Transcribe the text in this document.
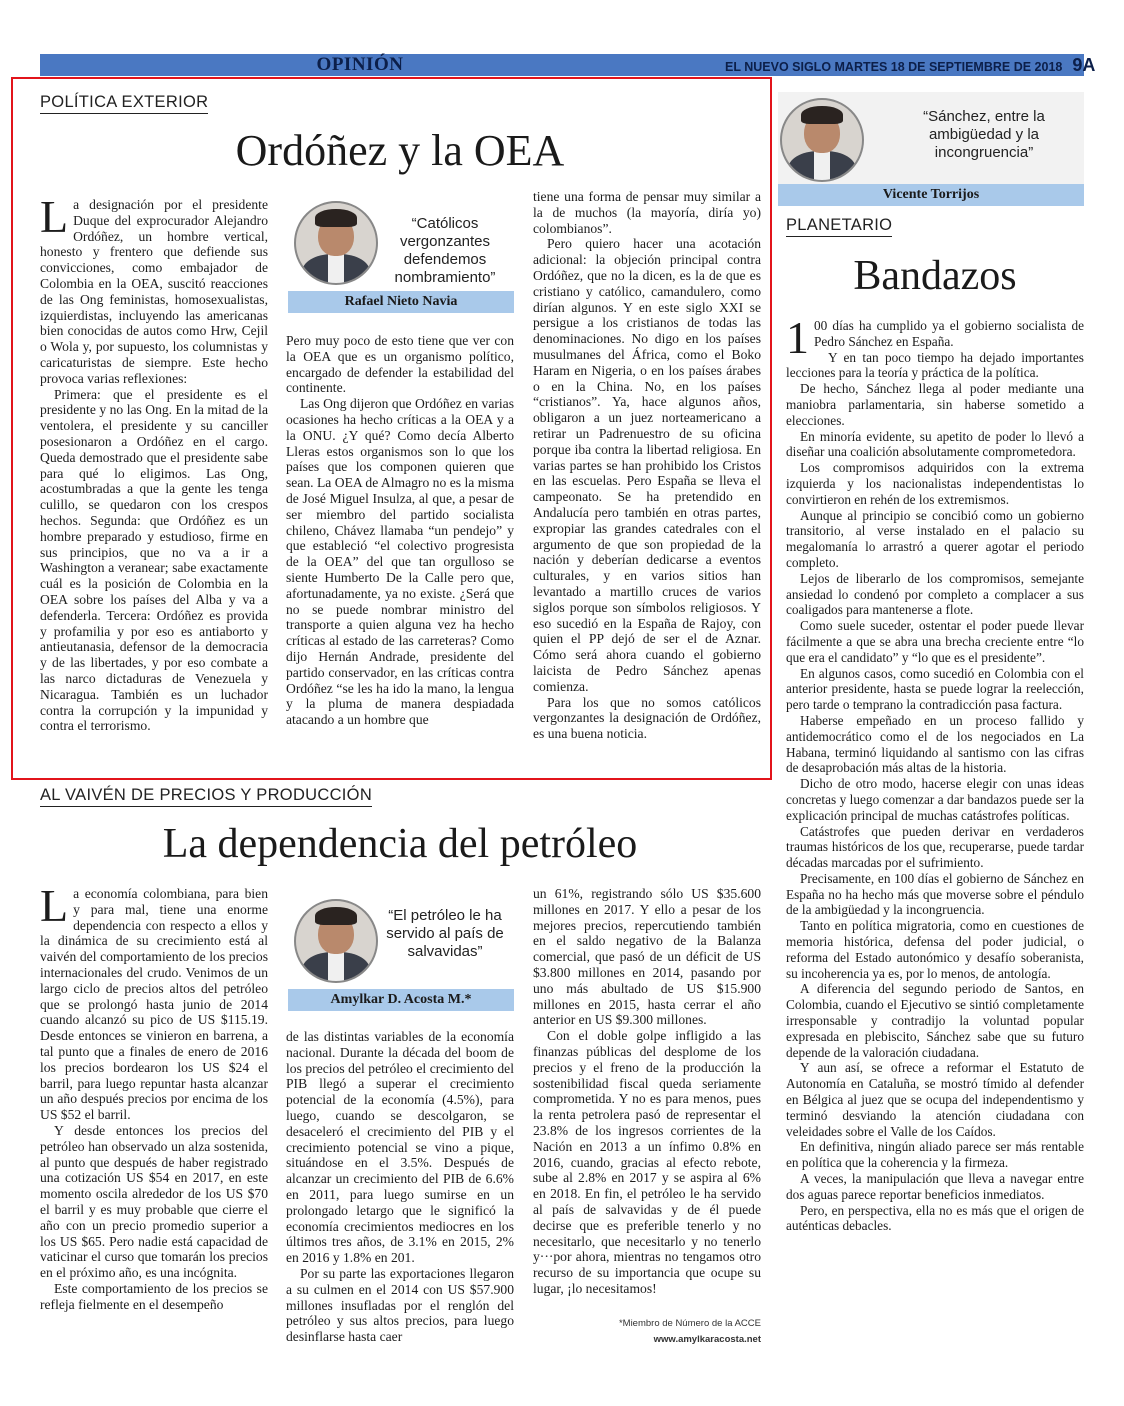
OPINIÓN	EL NUEVO SIGLO MARTES 18 DE SEPTIEMBRE DE 2018 9A
POLÍTICA EXTERIOR
Ordóñez y la OEA

La designación por el presidente Duque del exprocurador Alejandro Ordóñez, un hombre vertical, honesto y frentero que defiende sus convicciones, como embajador de Colombia en la OEA, suscitó reacciones de las Ong feministas, homosexualistas, izquierdistas, incluyendo las americanas bien conocidas de autos como Hrw, Cejil o Wola y, por supuesto, los columnistas y caricaturistas de siempre. Este hecho provoca varias reflexiones:

Primera: que el presidente es el presidente y no las Ong. En la mitad de la ventolera, el presidente y su canciller posesionaron a Ordóñez en el cargo. Queda demostrado que el presidente sabe para qué lo eligimos. Las Ong, acostumbradas a que la gente les tenga culillo, se quedaron con los crespos hechos. Segunda: que Ordóñez es un hombre preparado y estudioso, firme en sus principios, que no va a ir a Washington a veranear; sabe exactamente cuál es la posición de Colombia en la OEA sobre los países del Alba y va a defenderla. Tercera: Ordóñez es provida y profamilia y por eso es antiaborto y antieutanasia, defensor de la democracia y de las libertades, y por eso combate a las narco dictaduras de Venezuela y Nicaragua. También es un luchador contra la corrupción y la impunidad y contra el terrorismo.

“Católicos vergonzantes defendemos nombramiento”
Rafael Nieto Navia

Pero muy poco de esto tiene que ver con la OEA que es un organismo político, encargado de defender la estabilidad del continente.

Las Ong dijeron que Ordóñez en varias ocasiones ha hecho críticas a la OEA y a la ONU. ¿Y qué? Como decía Alberto Lleras estos organismos son lo que los países que los componen quieren que sean. La OEA de Almagro no es la misma de José Miguel Insulza, al que, a pesar de ser miembro del partido socialista chileno, Chávez llamaba “un pendejo” y que estableció “el colectivo progresista de la OEA” del que tan orgulloso se siente Humberto De la Calle pero que, afortunadamente, ya no existe. ¿Será que no se puede nombrar ministro del transporte a quien alguna vez ha hecho críticas al estado de las carreteras? Como dijo Hernán Andrade, presidente del partido conservador, en las críticas contra Ordóñez “se les ha ido la mano, la lengua y la pluma de manera despiadada atacando a un hombre que

tiene una forma de pensar muy similar a la de muchos (la mayoría, diría yo) colombianos”.

Pero quiero hacer una acotación adicional: la objeción principal contra Ordóñez, que no la dicen, es la de que es cristiano y católico, camandulero, como dirían algunos. Y en este siglo XXI se persigue a los cristianos de todas las denominaciones. No digo en los países musulmanes del África, como el Boko Haram en Nigeria, o en los países árabes o en la China. No, en los países “cristianos”. Ya, hace algunos años, obligaron a un juez norteamericano a retirar un Padrenuestro de su oficina porque iba contra la libertad religiosa. En varias partes se han prohibido los Cristos en las escuelas. Pero España se lleva el campeonato. Se ha pretendido en Andalucía pero también en otras partes, expropiar las grandes catedrales con el argumento de que son propiedad de la nación y deberían dedicarse a eventos culturales, y en varios sitios han levantado a martillo cruces de varios siglos porque son símbolos religiosos. Y eso sucedió en la España de Rajoy, con quien el PP dejó de ser el de Aznar. Cómo será ahora cuando el gobierno laicista de Pedro Sánchez apenas comienza.

Para los que no somos católicos vergonzantes la designación de Ordóñez, es una buena noticia.

AL VAIVÉN DE PRECIOS Y PRODUCCIÓN
La dependencia del petróleo

La economía colombiana, para bien y para mal, tiene una enorme dependencia con respecto a ellos y la dinámica de su crecimiento está al vaivén del comportamiento de los precios internacionales del crudo. Venimos de un largo ciclo de precios altos del petróleo que se prolongó hasta junio de 2014 cuando alcanzó su pico de US $115.19. Desde entonces se vinieron en barrena, a tal punto que a finales de enero de 2016 los precios bordearon los US $24 el barril, para luego repuntar hasta alcanzar un año después precios por encima de los US $52 el barril.

Y desde entonces los precios del petróleo han observado un alza sostenida, al punto que después de haber registrado una cotización US $54 en 2017, en este momento oscila alrededor de los US $70 el barril y es muy probable que cierre el año con un precio promedio superior a los US $65. Pero nadie está capacidad de vaticinar el curso que tomarán los precios en el próximo año, es una incógnita.

Este comportamiento de los precios se refleja fielmente en el desempeño

“El petróleo le ha servido al país de salvavidas”
Amylkar D. Acosta M.*

de las distintas variables de la economía nacional. Durante la década del boom de los precios del petróleo el crecimiento del PIB llegó a superar el crecimiento potencial de la economía (4.5%), para luego, cuando se descolgaron, se desaceleró el crecimiento del PIB y el crecimiento potencial se vino a pique, situándose en el 3.5%. Después de alcanzar un crecimiento del PIB de 6.6% en 2011, para luego sumirse en un prolongado letargo que le significó la economía crecimientos mediocres en los últimos tres años, de 3.1% en 2015, 2% en 2016 y 1.8% en 201.

Por su parte las exportaciones llegaron a su culmen en el 2014 con US $57.900 millones insufladas por el renglón del petróleo y sus altos precios, para luego desinflarse hasta caer

un 61%, registrando sólo US $35.600 millones en 2017. Y ello a pesar de los mejores precios, repercutiendo también en el saldo negativo de la Balanza comercial, que pasó de un déficit de US $3.800 millones en 2014, pasando por uno más abultado de US $15.900 millones en 2015, hasta cerrar el año anterior en US $9.300 millones.

Con el doble golpe infligido a las finanzas públicas del desplome de los precios y el freno de la producción la sostenibilidad fiscal queda seriamente comprometida. Y no es para menos, pues la renta petrolera pasó de representar el 23.8% de los ingresos corrientes de la Nación en 2013 a un ínfimo 0.8% en 2016, cuando, gracias al efecto rebote, sube al 2.8% en 2017 y se aspira al 6% en 2018. En fin, el petróleo le ha servido al país de salvavidas y de él puede decirse que es preferible tenerlo y no necesitarlo, que necesitarlo y no tenerlo y···por ahora, mientras no tengamos otro recurso de su importancia que ocupe su lugar, ¡lo necesitamos!

*Miembro de Número de la ACCE
www.amylkaracosta.net
“Sánchez, entre la ambigüedad y la incongruencia”
Vicente Torrijos
PLANETARIO
Bandazos

1 00 días ha cumplido ya el gobierno socialista de Pedro Sánchez en España.

Y en tan poco tiempo ha dejado importantes lecciones para la teoría y práctica de la política.

De hecho, Sánchez llega al poder mediante una maniobra parlamentaria, sin haberse sometido a elecciones.

En minoría evidente, su apetito de poder lo llevó a diseñar una coalición absolutamente comprometedora.

Los compromisos adquiridos con la extrema izquierda y los nacionalistas independentistas lo convirtieron en rehén de los extremismos.

Aunque al principio se concibió como un gobierno transitorio, al verse instalado en el palacio su megalomanía lo arrastró a querer agotar el periodo completo.

Lejos de liberarlo de los compromisos, semejante ansiedad lo condenó por completo a complacer a sus coaligados para mantenerse a flote.

Como suele suceder, ostentar el poder puede llevar fácilmente a que se abra una brecha creciente entre “lo que era el candidato” y “lo que es el presidente”.

En algunos casos, como sucedió en Colombia con el anterior presidente, hasta se puede lograr la reelección, pero tarde o temprano la contradicción pasa factura.

Haberse empeñado en un proceso fallido y antidemocrático como el de los negociados en La Habana, terminó liquidando al santismo con las cifras de desaprobación más altas de la historia.

Dicho de otro modo, hacerse elegir con unas ideas concretas y luego comenzar a dar bandazos puede ser la explicación principal de muchas catástrofes políticas.

Catástrofes que pueden derivar en verdaderos traumas históricos de los que, recuperarse, puede tardar décadas marcadas por el sufrimiento.

Precisamente, en 100 días el gobierno de Sánchez en España no ha hecho más que moverse sobre el péndulo de la ambigüedad y la incongruencia.

Tanto en política migratoria, como en cuestiones de memoria histórica, defensa del poder judicial, o reforma del Estado autonómico y desafío soberanista, su incoherencia ya es, por lo menos, de antología.

A diferencia del segundo periodo de Santos, en Colombia, cuando el Ejecutivo se sintió completamente irresponsable y contradijo la voluntad popular expresada en plebiscito, Sánchez sabe que su futuro depende de la valoración ciudadana.

Y aun así, se ofrece a reformar el Estatuto de Autonomía en Cataluña, se mostró tímido al defender en Bélgica al juez que se ocupa del independentismo y terminó desviando la atención ciudadana con veleidades sobre el Valle de los Caídos.

En definitiva, ningún aliado parece ser más rentable en política que la coherencia y la firmeza.

A veces, la manipulación que lleva a navegar entre dos aguas parece reportar beneficios inmediatos.

Pero, en perspectiva, ella no es más que el origen de auténticas debacles.
